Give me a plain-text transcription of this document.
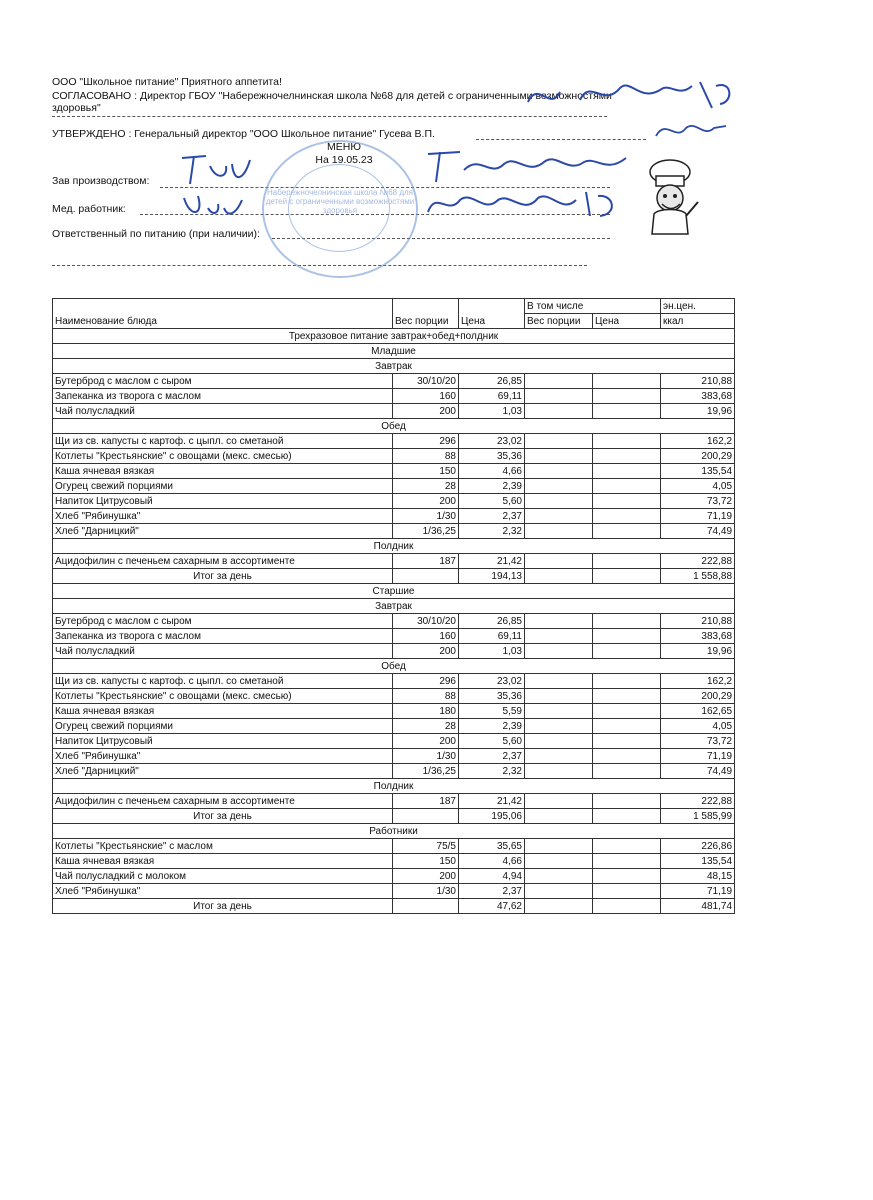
ООО "Школьное питание" Приятного аппетита!
СОГЛАСОВАНО : Директор ГБОУ "Набережночелнинская школа №68 для детей с ограниченными возможностями
здоровья"
УТВЕРЖДЕНО : Генеральный директор "ООО Школьное питание" Гусева В.П.
МЕНЮ
На 19.05.23
Зав производством:
Мед. работник:
Ответственный по питанию (при наличии):
Набережночелнинская школа №68 для детей с ограниченными возможностями здоровья
Наименование блюда	Вес порции	Цена	В том числе		эн.цен.
			Вес порции	Цена	ккал
Трехразовое питание завтрак+обед+полдник					
Младшие					
Завтрак					
Бутерброд с маслом с сыром	30/10/20	26,85			210,88
Запеканка из творога с маслом	160	69,11			383,68
Чай полусладкий	200	1,03			19,96
Обед					
Щи из св. капусты с картоф. с цыпл. со сметаной	296	23,02			162,2
Котлеты "Крестьянские" с овощами (мекс. смесью)	88	35,36			200,29
Каша ячневая вязкая	150	4,66			135,54
Огурец свежий порциями	28	2,39			4,05
Напиток Цитрусовый	200	5,60			73,72
Хлеб "Рябинушка"	1/30	2,37			71,19
Хлеб "Дарницкий"	1/36,25	2,32			74,49
Полдник					
Ацидофилин с печеньем сахарным в ассортименте	187	21,42			222,88
Итог за день		194,13			1 558,88
Старшие					
Завтрак					
Бутерброд с маслом с сыром	30/10/20	26,85			210,88
Запеканка из творога с маслом	160	69,11			383,68
Чай полусладкий	200	1,03			19,96
Обед					
Щи из св. капусты с картоф. с цыпл. со сметаной	296	23,02			162,2
Котлеты "Крестьянские" с овощами (мекс. смесью)	88	35,36			200,29
Каша ячневая вязкая	180	5,59			162,65
Огурец свежий порциями	28	2,39			4,05
Напиток Цитрусовый	200	5,60			73,72
Хлеб "Рябинушка"	1/30	2,37			71,19
Хлеб "Дарницкий"	1/36,25	2,32			74,49
Полдник					
Ацидофилин с печеньем сахарным в ассортименте	187	21,42			222,88
Итог за день		195,06			1 585,99
Работники					
Котлеты "Крестьянские" с маслом	75/5	35,65			226,86
Каша ячневая вязкая	150	4,66			135,54
Чай полусладкий с молоком	200	4,94			48,15
Хлеб "Рябинушка"	1/30	2,37			71,19
Итог за день		47,62			481,74
